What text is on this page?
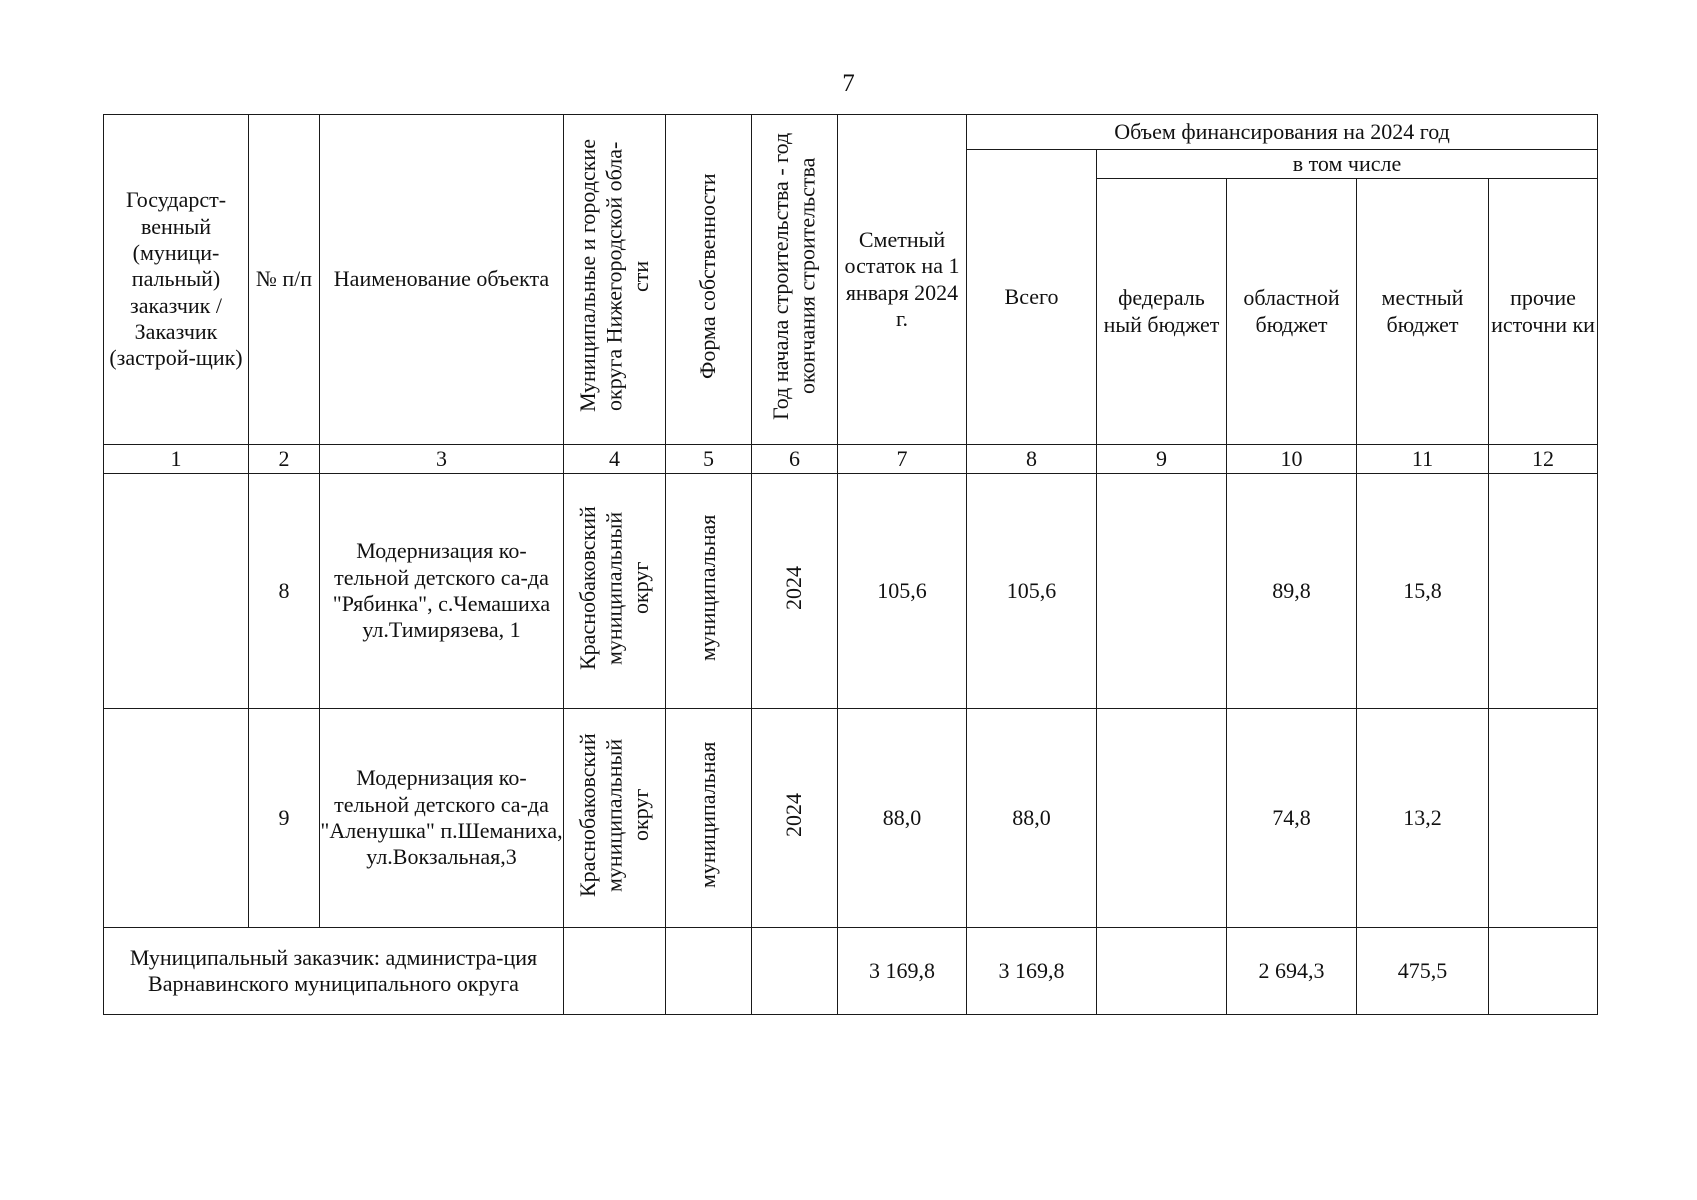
7
Государст-венный (муници-пальный) заказчик / Заказчик (застрой-щик)	№ п/п	Наименование объекта	Муниципальные и городские округа Нижегородской обла-сти	Форма собственности	Год начала строительства - год окончания строительства	Сметный остаток на 1 января 2024 г.	Объем финансирования на 2024 год				
							Всего	в том числе			
								федераль ный бюджет	областной бюджет	местный бюджет	прочие источни ки
1	2	3	4	5	6	7	8	9	10	11	12
	8	Модернизация ко-тельной детского са-да "Рябинка", с.Чемашиха ул.Тимирязева, 1	Краснобаковский муниципальный округ	муниципальная	2024	105,6	105,6		89,8	15,8	
	9	Модернизация ко-тельной детского са-да "Аленушка" п.Шеманиха, ул.Вокзальная,3	Краснобаковский муниципальный округ	муниципальная	2024	88,0	88,0		74,8	13,2	
Муниципальный заказчик: администра-ция Варнавинского муниципального округа						3 169,8	3 169,8		2 694,3	475,5	
